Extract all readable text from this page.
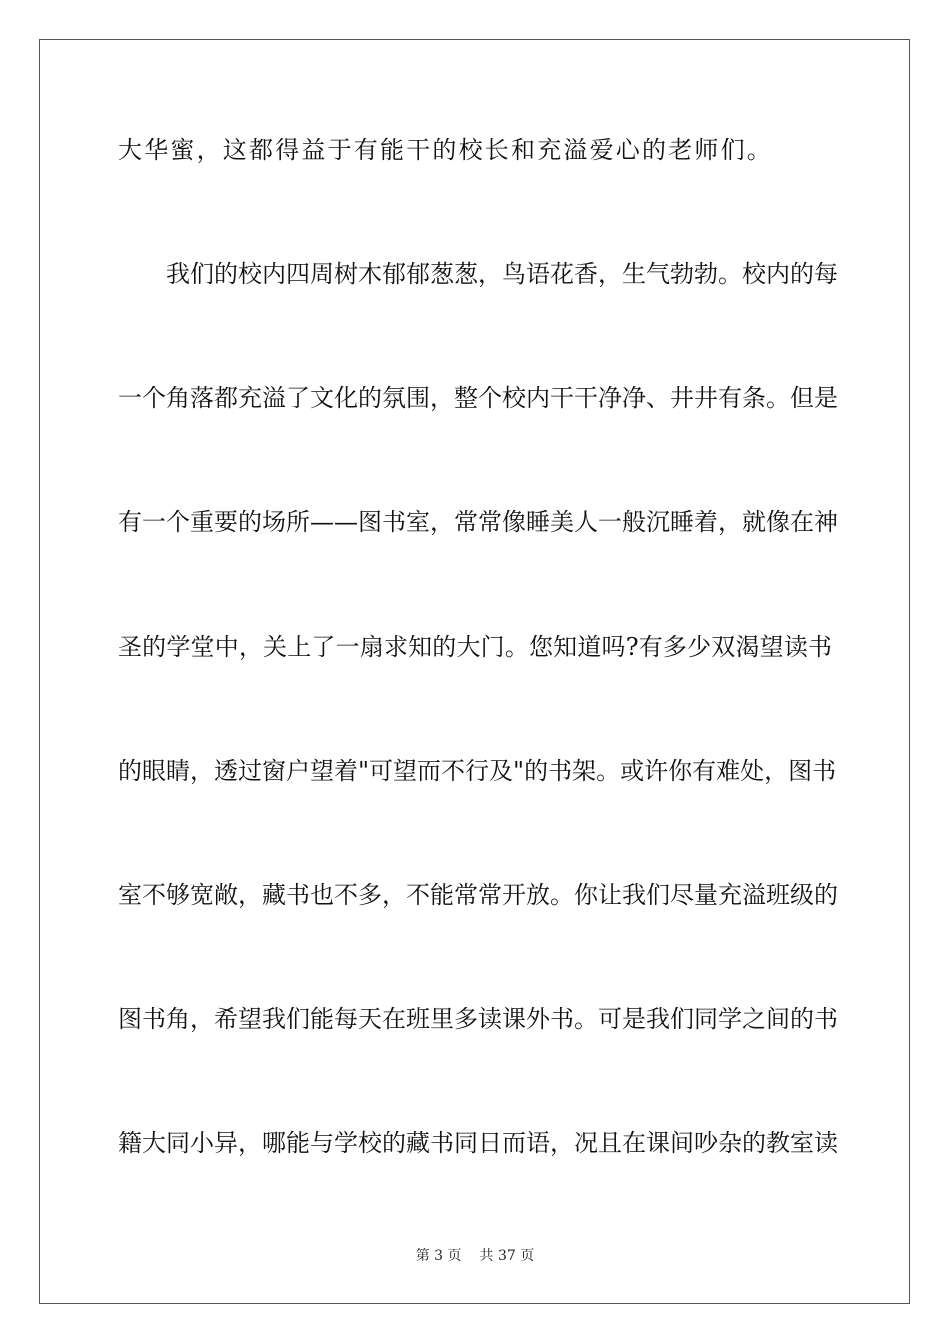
大华蜜，这都得益于有能干的校长和充溢爱心的老师们。
我们的校内四周树木郁郁葱葱，鸟语花香，生气勃勃。校内的每
一个角落都充溢了文化的氛围，整个校内干干净净、井井有条。但是
有一个重要的场所——图书室，常常像睡美人一般沉睡着，就像在神
圣的学堂中，关上了一扇求知的大门。您知道吗?有多少双渴望读书
的眼睛，透过窗户望着"可望而不行及"的书架。或许你有难处，图书
室不够宽敞，藏书也不多，不能常常开放。你让我们尽量充溢班级的
图书角，希望我们能每天在班里多读课外书。可是我们同学之间的书
籍大同小异，哪能与学校的藏书同日而语，况且在课间吵杂的教室读
第 3 页 共 37 页
